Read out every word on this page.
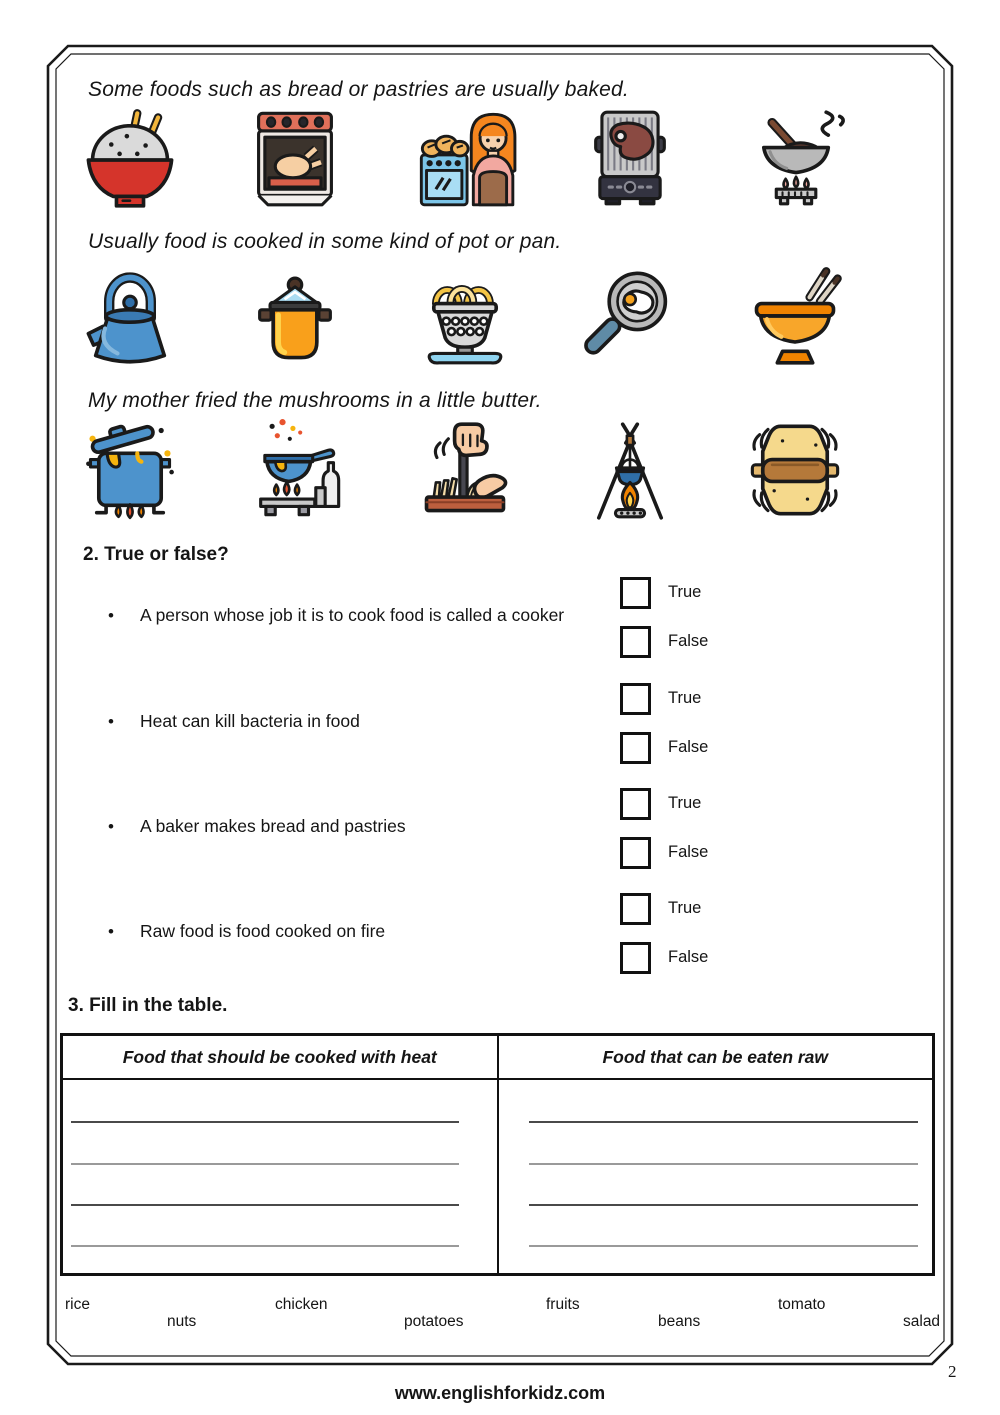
Some foods such as bread or pastries are usually baked.
Usually food is cooked in some kind of pot or pan.
My mother fried the mushrooms in a little butter.
2. True or false?
• A person whose job it is to cook food is called a cooker
True
False
• Heat can kill bacteria in food
True
False
• A baker makes bread and pastries
True
False
• Raw food is food cooked on fire
True
False
3. Fill in the table.
Food that should be cooked with heat	Food that can be eaten raw
rice
nuts
chicken
potatoes
fruits
beans
tomato
salad
2
www.englishforkidz.com
